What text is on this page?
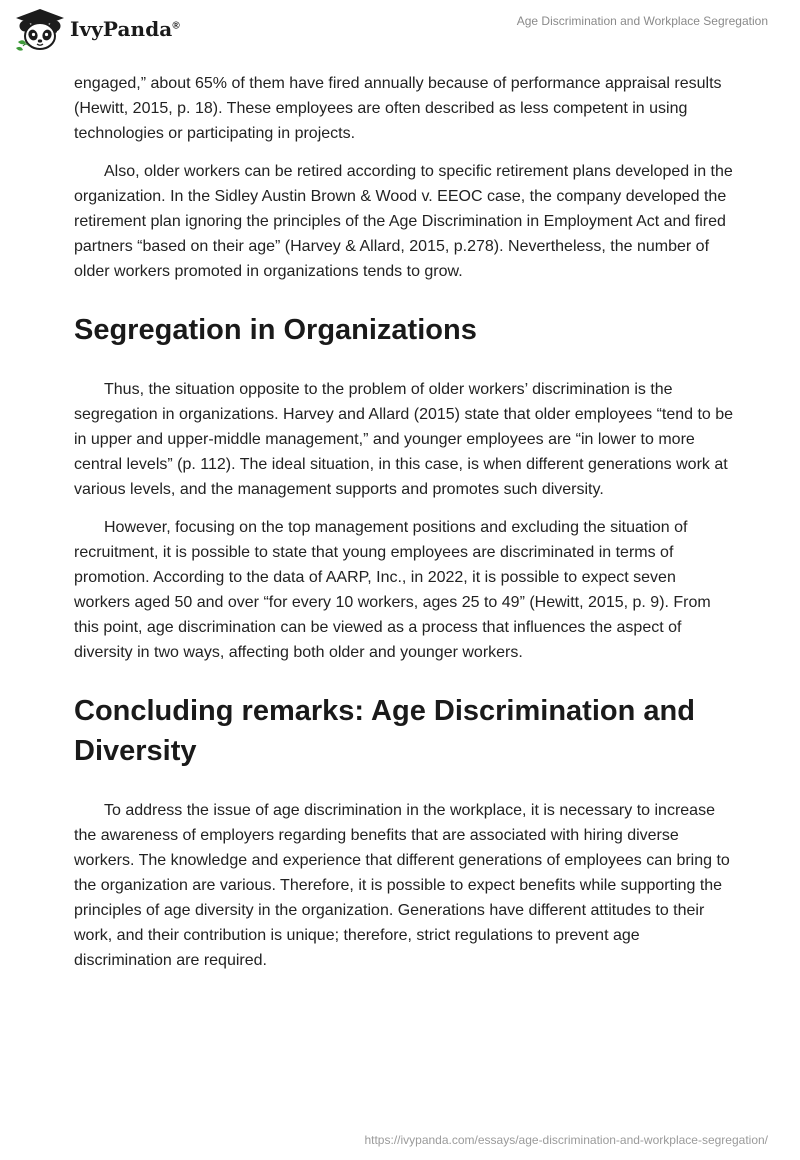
IvyPanda®	Age Discrimination and Workplace Segregation

engaged,” about 65% of them have fired annually because of performance appraisal results (Hewitt, 2015, p. 18). These employees are often described as less competent in using technologies or participating in projects.

Also, older workers can be retired according to specific retirement plans developed in the organization. In the Sidley Austin Brown & Wood v. EEOC case, the company developed the retirement plan ignoring the principles of the Age Discrimination in Employment Act and fired partners “based on their age” (Harvey & Allard, 2015, p.278). Nevertheless, the number of older workers promoted in organizations tends to grow.

Segregation in Organizations

Thus, the situation opposite to the problem of older workers’ discrimination is the segregation in organizations. Harvey and Allard (2015) state that older employees “tend to be in upper and upper-middle management,” and younger employees are “in lower to more central levels” (p. 112). The ideal situation, in this case, is when different generations work at various levels, and the management supports and promotes such diversity.

However, focusing on the top management positions and excluding the situation of recruitment, it is possible to state that young employees are discriminated in terms of promotion. According to the data of AARP, Inc., in 2022, it is possible to expect seven workers aged 50 and over “for every 10 workers, ages 25 to 49” (Hewitt, 2015, p. 9). From this point, age discrimination can be viewed as a process that influences the aspect of diversity in two ways, affecting both older and younger workers.

Concluding remarks: Age Discrimination and Diversity

To address the issue of age discrimination in the workplace, it is necessary to increase the awareness of employers regarding benefits that are associated with hiring diverse workers. The knowledge and experience that different generations of employees can bring to the organization are various. Therefore, it is possible to expect benefits while supporting the principles of age diversity in the organization. Generations have different attitudes to their work, and their contribution is unique; therefore, strict regulations to prevent age discrimination are required.

https://ivypanda.com/essays/age-discrimination-and-workplace-segregation/
